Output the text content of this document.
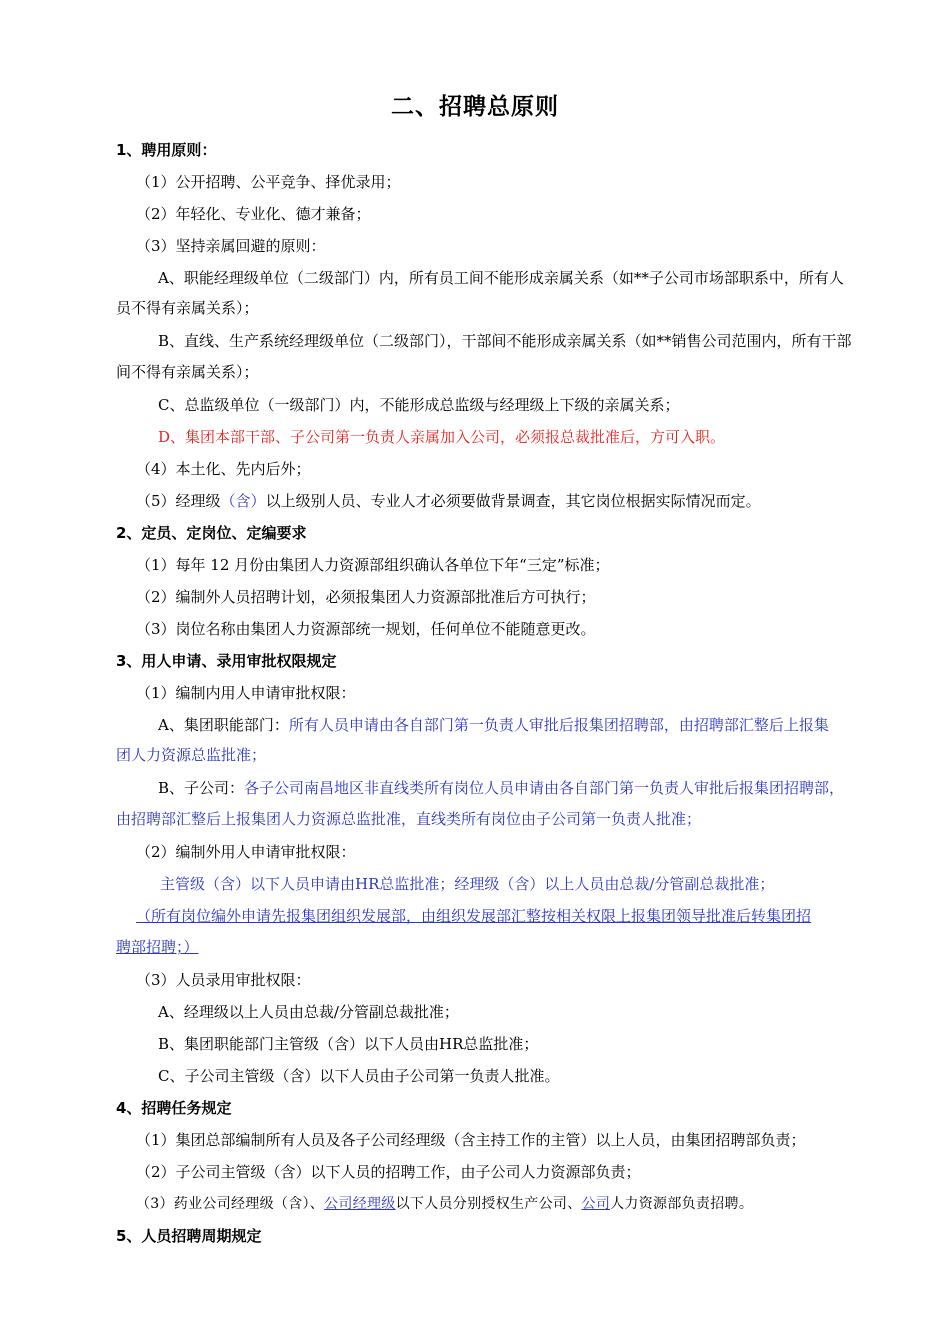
二、招聘总原则
1、聘用原则：
（1）公开招聘、公平竞争、择优录用；
（2）年轻化、专业化、德才兼备；
（3）坚持亲属回避的原则：
A、职能经理级单位（二级部门）内，所有员工间不能形成亲属关系（如**子公司市场部职系中，所有人
员不得有亲属关系）；
B、直线、生产系统经理级单位（二级部门），干部间不能形成亲属关系（如**销售公司范围内，所有干部
间不得有亲属关系）；
C、总监级单位（一级部门）内，不能形成总监级与经理级上下级的亲属关系；
D、集团本部干部、子公司第一负责人亲属加入公司，必须报总裁批准后，方可入职。
（4）本土化、先内后外；
（5）经理级（含）以上级别人员、专业人才必须要做背景调查，其它岗位根据实际情况而定。
2、定员、定岗位、定编要求
（1）每年 12 月份由集团人力资源部组织确认各单位下年“三定”标准；
（2）编制外人员招聘计划，必须报集团人力资源部批准后方可执行；
（3）岗位名称由集团人力资源部统一规划，任何单位不能随意更改。
3、用人申请、录用审批权限规定
（1）编制内用人申请审批权限：
A、集团职能部门：所有人员申请由各自部门第一负责人审批后报集团招聘部，由招聘部汇整后上报集
团人力资源总监批准；
B、子公司：各子公司南昌地区非直线类所有岗位人员申请由各自部门第一负责人审批后报集团招聘部，
由招聘部汇整后上报集团人力资源总监批准，直线类所有岗位由子公司第一负责人批准；
（2）编制外用人申请审批权限：
主管级（含）以下人员申请由HR总监批准；经理级（含）以上人员由总裁/分管副总裁批准；
（所有岗位编外申请先报集团组织发展部，由组织发展部汇整按相关权限上报集团领导批准后转集团招
聘部招聘；）
（3）人员录用审批权限：
A、经理级以上人员由总裁/分管副总裁批准；
B、集团职能部门主管级（含）以下人员由HR总监批准；
C、子公司主管级（含）以下人员由子公司第一负责人批准。
4、招聘任务规定
（1）集团总部编制所有人员及各子公司经理级（含主持工作的主管）以上人员，由集团招聘部负责；
（2）子公司主管级（含）以下人员的招聘工作，由子公司人力资源部负责；
（3）药业公司经理级（含）、公司经理级以下人员分别授权生产公司、公司人力资源部负责招聘。
5、人员招聘周期规定
